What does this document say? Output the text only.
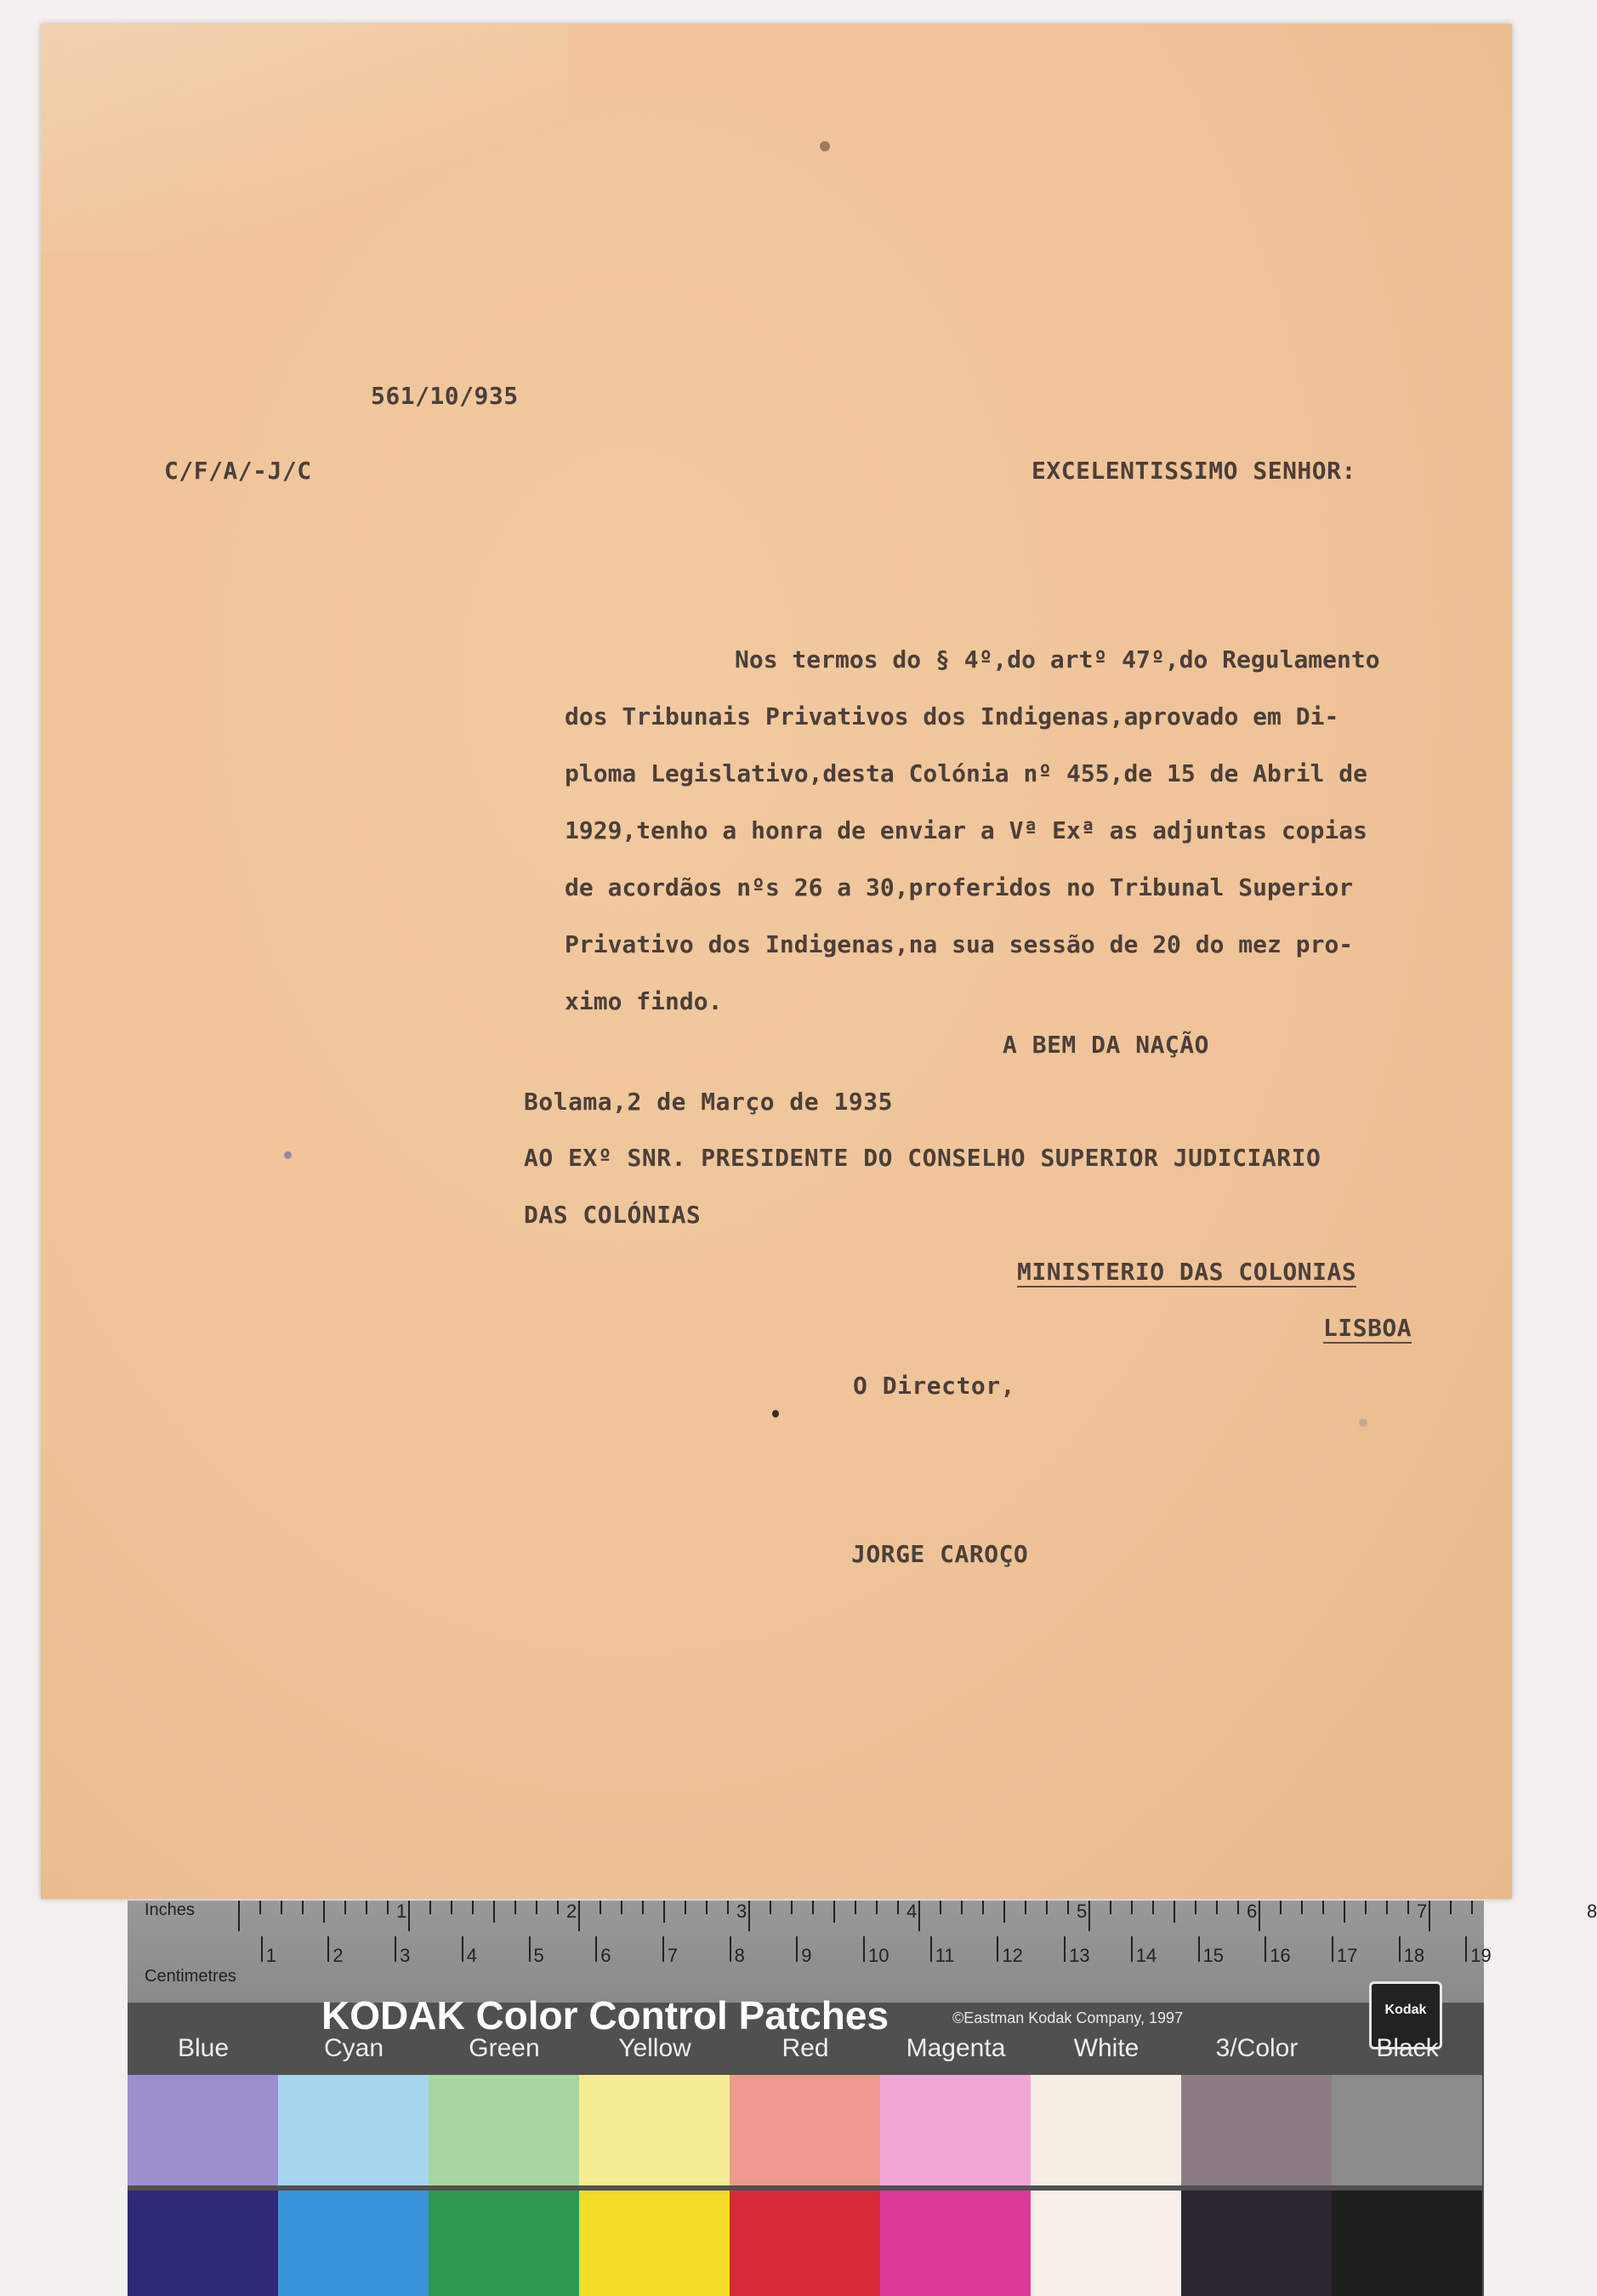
561/10/935

C/F/A/-J/C	EXCELENTISSIMO SENHOR:

Nos termos do § 4º,do artº 47º,do Regulamento
dos Tribunais Privativos dos Indigenas,aprovado em Di-
ploma Legislativo,desta Colónia nº 455,de 15 de Abril de
1929,tenho a honra de enviar a Vª Exª as adjuntas copias
de acordãos nºs 26 a 30,proferidos no Tribunal Superior
Privativo dos Indigenas,na sua sessão de 20 do mez pro-
ximo findo.

A BEM DA NAÇÃO

Bolama,2 de Março de 1935

AO EXº SNR. PRESIDENTE DO CONSELHO SUPERIOR JUDICIARIO

DAS COLÓNIAS

MINISTERIO DAS COLONIAS

LISBOA

O Director,

JORGE CAROÇO

Inches
Centimetres
1	2	3	4	5	6	7	8
1	2	3	4	5	6	7	8	9	10 11	12 13 14 15 16 17 18 19
KODAK Color Control Patches	©Eastman Kodak Company, 1997	Kodak
Blue	Cyan	Green	Yellow	Red	Magenta	White	3/Color	Black
